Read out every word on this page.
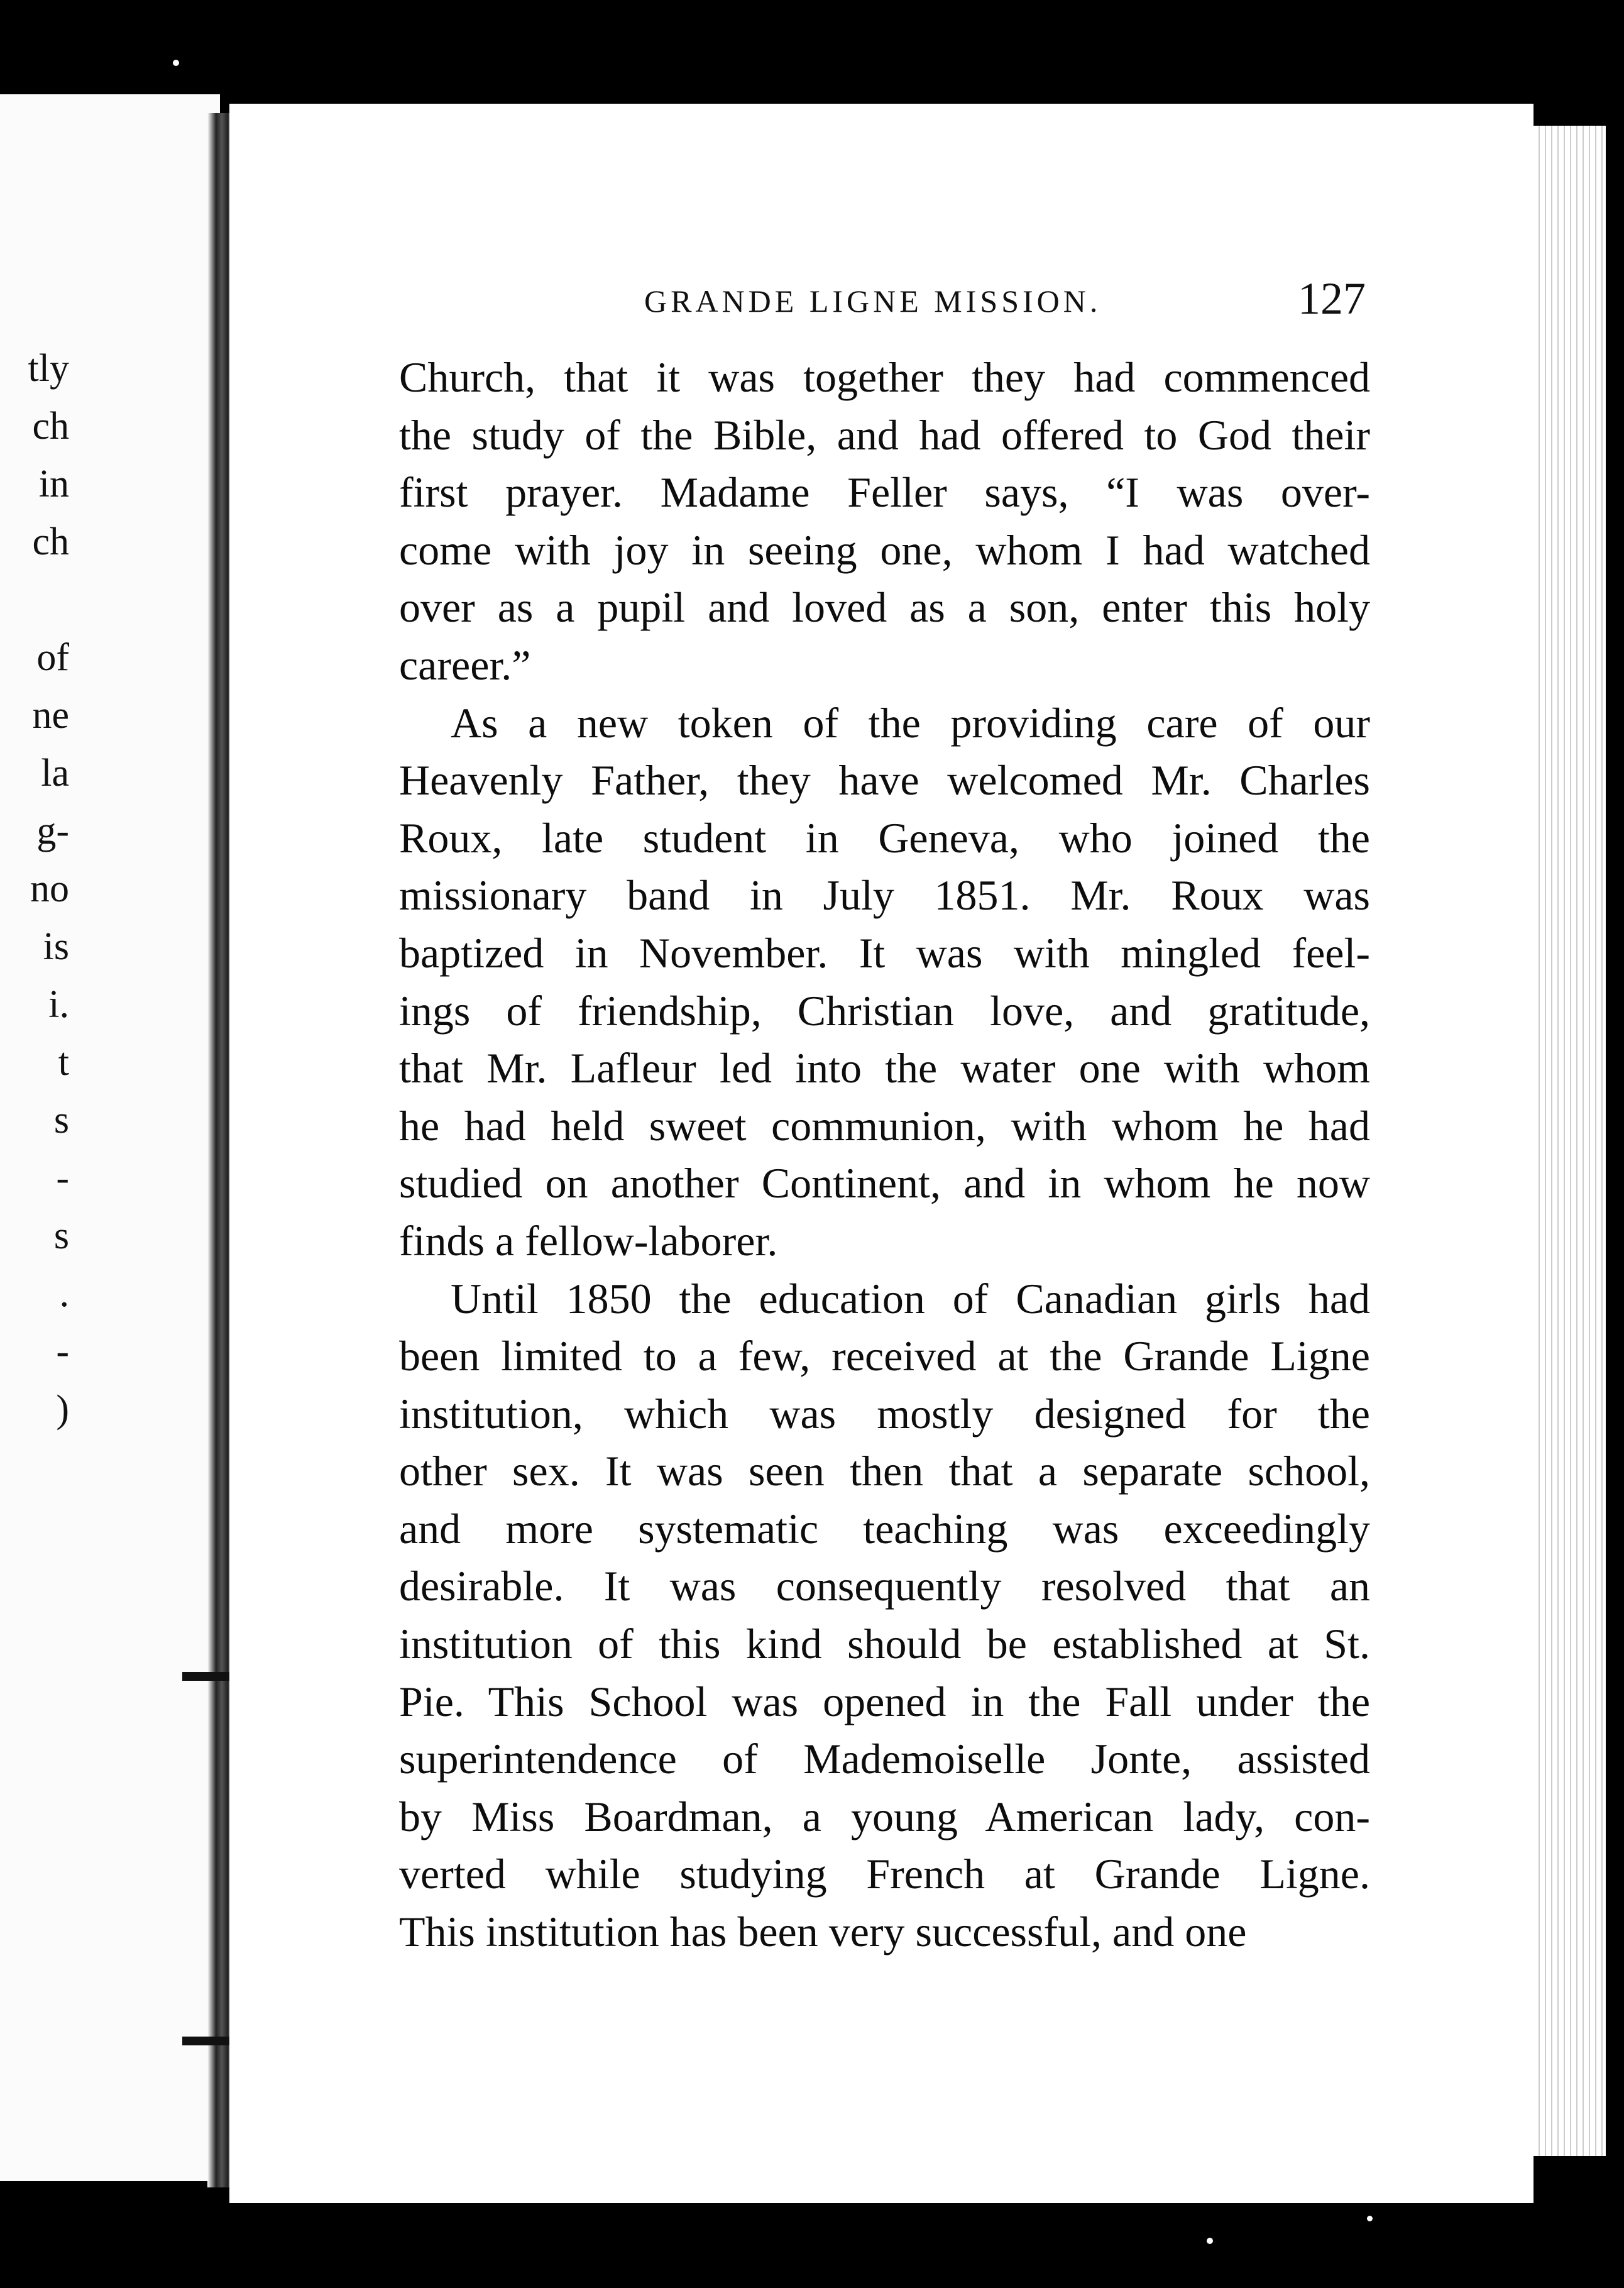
tly
ch
in
ch
of
ne
la
g-
no
is
i.
t
s
-
s
.
-
)
GRANDE LIGNE MISSION.	127
Church, that it was together they had commenced
the study of the Bible, and had offered to God their
first prayer. Madame Feller says, “I was over-
come with joy in seeing one, whom I had watched
over as a pupil and loved as a son, enter this holy
career.”
As a new token of the providing care of our
Heavenly Father, they have welcomed Mr. Charles
Roux, late student in Geneva, who joined the
missionary band in July 1851. Mr. Roux was
baptized in November. It was with mingled feel-
ings of friendship, Christian love, and gratitude,
that Mr. Lafleur led into the water one with whom
he had held sweet communion, with whom he had
studied on another Continent, and in whom he now
finds a fellow-laborer.
Until 1850 the education of Canadian girls had
been limited to a few, received at the Grande Ligne
institution, which was mostly designed for the
other sex. It was seen then that a separate school,
and more systematic teaching was exceedingly
desirable. It was consequently resolved that an
institution of this kind should be established at St.
Pie. This School was opened in the Fall under the
superintendence of Mademoiselle Jonte, assisted
by Miss Boardman, a young American lady, con-
verted while studying French at Grande Ligne.
This institution has been very successful, and one
